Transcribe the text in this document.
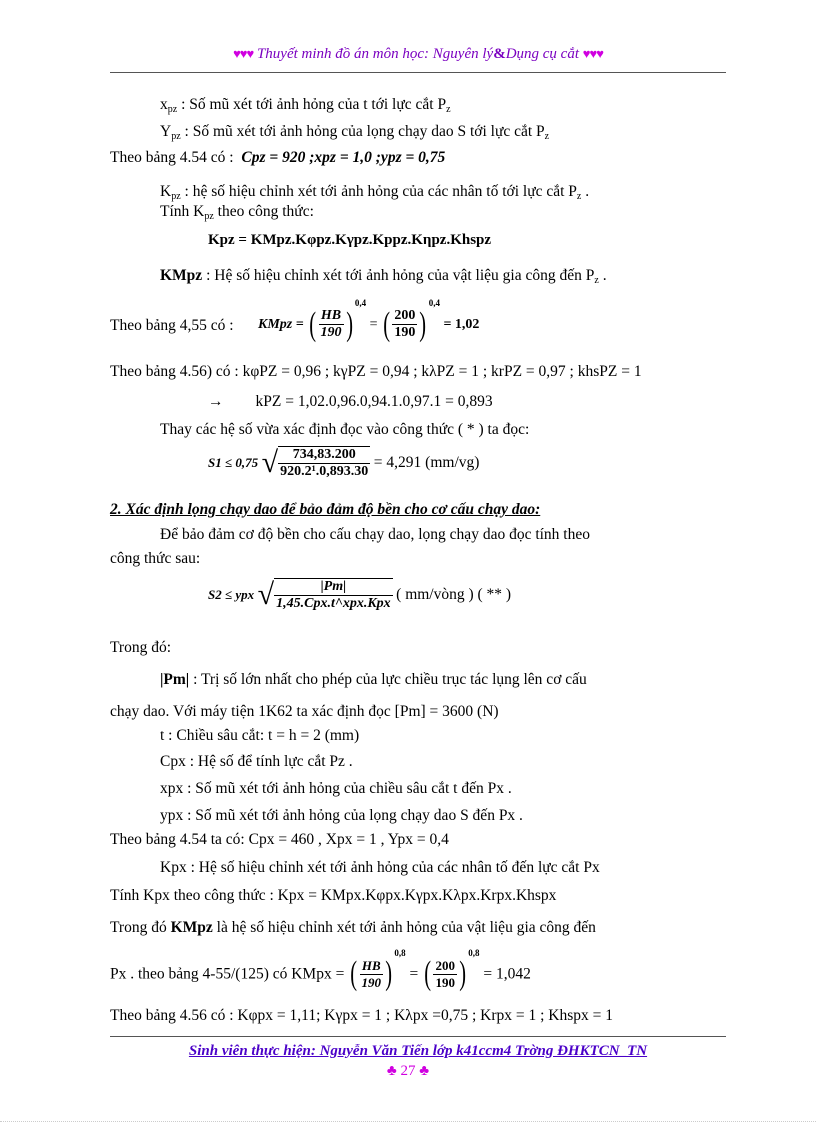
♥♥♥ Thuyết minh đồ án môn học: Nguyên lý&Dụng cụ cắt ♥♥♥
$x_{pz}$ : Số mũ xét tới ảnh hỏng của t tới lực cắt $P_z$
$Y_{pz}$ : Số mũ xét tới ảnh hỏng của lọng chạy dao S tới lực cắt $P_z$
Theo bảng 4.54 có : Cpz = 920 ;xpz = 1,0 ;ypz = 0,75
$K_{pz}$ : hệ số hiệu chỉnh xét tới ảnh hỏng của các nhân tố tới lực cắt $P_z$ .
Tính $K_{pz}$ theo công thức:
Kpz = KMpz.Kφpz.Kγpz.Kppz.Kηpz.Khspz
KMpz : Hệ số hiệu chỉnh xét tới ảnh hỏng của vật liệu gia công đến $P_z$ .
Theo bảng 4,55 có : KMpz = ( $\frac{HB}{190} )^{0,4}$ = ( $\frac{200}{190} )^{0,4} = 1,02$
Theo bảng 4.56) có : kφPZ = 0,96 ; kγPZ = 0,94 ; kλPZ = 1 ; krPZ = 0,97 ; khsPZ = 1
→ kPZ = 1,02.0,96.0,94.1.0,97.1 = 0,893
Thay các hệ số vừa xác định đọc vào công thức ( * ) ta đọc:
S1 ≤ 0,75 √ $\frac{734,83.200}{\text{920.2¹.0,893.30}} = 4,291$ (mm/vg)
2. Xác định lọng chạy dao để bảo đảm độ bền cho cơ cấu chạy dao:
Để bảo đảm cơ độ bền cho cấu chạy dao, lọng chạy dao đọc tính theo
công thức sau:
S2 ≤ ypx √ $\frac{|Pm|}{\text{1,45.Cpx.t\textasciicircum{}xpx.Kpx}}$ ( mm/vòng ) ( ** )
Trong đó:
|Pm| : Trị số lớn nhất cho phép của lực chiều trục tác lụng lên cơ cấu
chạy dao. Với máy tiện 1K62 ta xác định đọc [Pm] = 3600 (N)
t : Chiều sâu cắt: t = h = 2 (mm)
Cpx : Hệ số để tính lực cắt Pz .
xpx : Số mũ xét tới ảnh hỏng của chiều sâu cắt t đến Px .
ypx : Số mũ xét tới ảnh hỏng của lọng chạy dao S đến Px .
Theo bảng 4.54 ta có: Cpx = 460 , Xpx = 1 , Ypx = 0,4
Kpx : Hệ số hiệu chỉnh xét tới ảnh hỏng của các nhân tố đến lực cắt Px
Tính Kpx theo công thức : Kpx = KMpx.Kφpx.Kγpx.Kλpx.Krpx.Khspx
Trong đó KMpz là hệ số hiệu chỉnh xét tới ảnh hỏng của vật liệu gia công đến
Px . theo bảng 4-55/(125) có KMpx = ( $\frac{HB}{190} )^{0,8}$ = ( $\frac{200}{190} )^{0,8} = 1,042$
Theo bảng 4.56 có : Kφpx = 1,11; Kγpx = 1 ; Kλpx =0,75 ; Krpx = 1 ; Khspx = 1
Sinh viên thực hiện: Nguyễn Văn Tiến lớp k41ccm4 Trờng ĐHKTCN_TN
♣ 27 ♣
